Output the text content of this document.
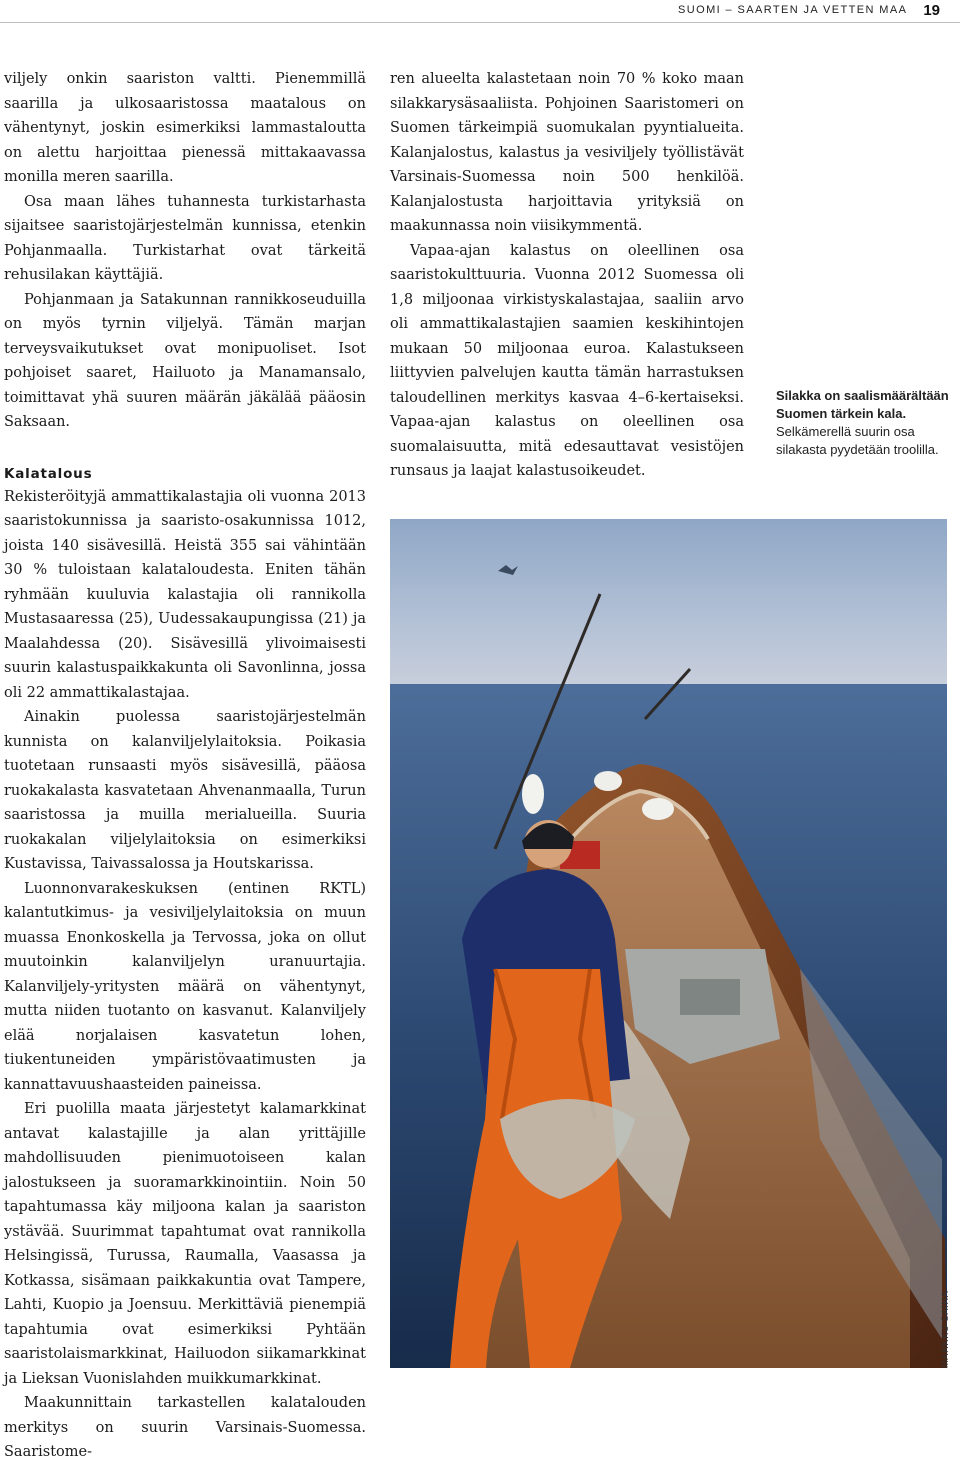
SUOMI – SAARTEN JA VETTEN MAA 19

viljely onkin saariston valtti. Pienemmillä saarilla ja ulkosaaristossa maatalous on vähentynyt, joskin esimerkiksi lammastaloutta on alettu harjoittaa pienessä mittakaavassa monilla meren saarilla.

Osa maan lähes tuhannesta turkistarhasta sijaitsee saaristojärjestelmän kunnissa, etenkin Pohjanmaalla. Turkistarhat ovat tärkeitä rehusilakan käyttäjiä.

Pohjanmaan ja Satakunnan rannikkoseuduilla on myös tyrnin viljelyä. Tämän marjan terveysvaikutukset ovat monipuoliset. Isot pohjoiset saaret, Hailuoto ja Manamansalo, toimittavat yhä suuren määrän jäkälää pääosin Saksaan.

Kalatalous

Rekisteröityjä ammattikalastajia oli vuonna 2013 saaristokunnissa ja saaristo-osakunnissa 1012, joista 140 sisävesillä. Heistä 355 sai vähintään 30 % tuloistaan kalataloudesta. Eniten tähän ryhmään kuuluvia kalastajia oli rannikolla Mustasaaressa (25), Uudessakaupungissa (21) ja Maalahdessa (20). Sisävesillä ylivoimaisesti suurin kalastuspaikkakunta oli Savonlinna, jossa oli 22 ammattikalastajaa.

Ainakin puolessa saaristojärjestelmän kunnista on kalanviljelylaitoksia. Poikasia tuotetaan runsaasti myös sisävesillä, pääosa ruokakalasta kasvatetaan Ahvenanmaalla, Turun saaristossa ja muilla merialueilla. Suuria ruokakalan viljelylaitoksia on esimerkiksi Kustavissa, Taivassalossa ja Houtskarissa.

Luonnonvarakeskuksen (entinen RKTL) kalantutkimus- ja vesiviljelylaitoksia on muun muassa Enonkoskella ja Tervossa, joka on ollut muutoinkin kalanviljelyn uranuurtajia. Kalanviljely-yritysten määrä on vähentynyt, mutta niiden tuotanto on kasvanut. Kalanviljely elää norjalaisen kasvatetun lohen, tiukentuneiden ympäristövaatimusten ja kannattavuushaasteiden paineissa.

Eri puolilla maata järjestetyt kalamarkkinat antavat kalastajille ja alan yrittäjille mahdollisuuden pienimuotoiseen kalan jalostukseen ja suoramarkkinointiin. Noin 50 tapahtumassa käy miljoona kalan ja saariston ystävää. Suurimmat tapahtumat ovat rannikolla Helsingissä, Turussa, Raumalla, Vaasassa ja Kotkassa, sisämaan paikkakuntia ovat Tampere, Lahti, Kuopio ja Joensuu. Merkittäviä pienempiä tapahtumia ovat esimerkiksi Pyhtään saaristolaismarkkinat, Hailuodon siikamarkkinat ja Lieksan Vuonislahden muikkumarkkinat.

Maakunnittain tarkastellen kalatalouden merkitys on suurin Varsinais-Suomessa. Saaristome-

ren alueelta kalastetaan noin 70 % koko maan silakkarysäsaaliista. Pohjoinen Saaristomeri on Suomen tärkeimpiä suomukalan pyyntialueita. Kalanjalostus, kalastus ja vesiviljely työllistävät Varsinais-Suomessa noin 500 henkilöä. Kalanjalostusta harjoittavia yrityksiä on maakunnassa noin viisikymmentä.

Vapaa-ajan kalastus on oleellinen osa saaristokulttuuria. Vuonna 2012 Suomessa oli 1,8 miljoonaa virkistyskalastajaa, saaliin arvo oli ammattikalastajien saamien keskihintojen mukaan 50 miljoonaa euroa. Kalastukseen liittyvien palvelujen kautta tämän harrastuksen taloudellinen merkitys kasvaa 4–6-kertaiseksi. Vapaa-ajan kalastus on oleellinen osa suomalaisuutta, mitä edesauttavat vesistöjen runsaus ja laajat kalastusoikeudet.

Silakka on saalismäärältään Suomen tärkein kala. Selkämerellä suurin osa silakasta pyydetään troolilla.
MARKKU SAIHA
